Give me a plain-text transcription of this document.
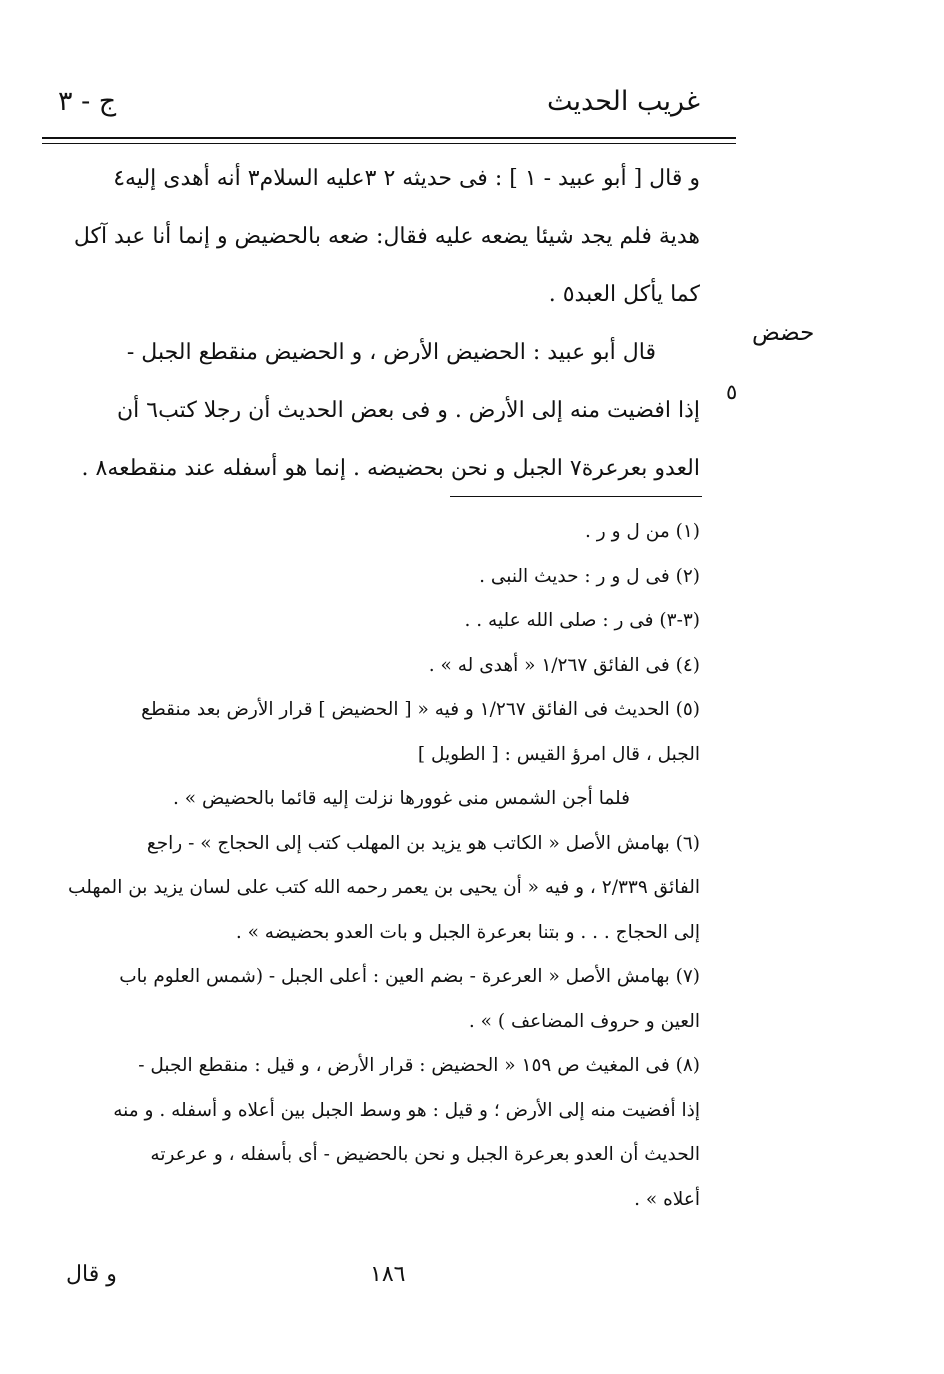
غريب الحديث
ج - ٣
حضض
٥
و قال [ أبو عبيد - ١ ] : فى حديثه ٢ ٣عليه السلام٣ أنه أهدى إليه٤
هدية فلم يجد شيئا يضعه عليه فقال: ضعه بالحضيض و إنما أنا عبد آكل
كما يأكل العبد٥ .
قال أبو عبيد : الحضيض الأرض ، و الحضيض منقطع الجبل -
إذا افضيت منه إلى الأرض . و فى بعض الحديث أن رجلا كتب٦ أن
العدو بعرعرة٧ الجبل و نحن بحضيضه . إنما هو أسفله عند منقطعه٨ .
(١) من ل و ر .
(٢) فى ل و ر : حديث النبى .
(٣-٣) فى ر : صلى الله عليه . .
(٤) فى الفائق ١/٢٦٧ « أهدى له » .
(٥) الحديث فى الفائق ١/٢٦٧ و فيه « [ الحضيض ] قرار الأرض بعد منقطع
الجبل ، قال امرؤ القيس : [ الطويل ]
فلما أجن الشمس منى غوورها نزلت إليه قائما بالحضيض » .
(٦) بهامش الأصل « الكاتب هو يزيد بن المهلب كتب إلى الحجاج » - راجع
الفائق ٢/٣٣٩ ، و فيه « أن يحيى بن يعمر رحمه الله كتب على لسان يزيد بن المهلب
إلى الحجاج . . . و بتنا بعرعرة الجبل و بات العدو بحضيضه » .
(٧) بهامش الأصل « العرعرة - بضم العين : أعلى الجبل - (شمس العلوم باب
العين و حروف المضاعف ) » .
(٨) فى المغيث ص ١٥٩ « الحضيض : قرار الأرض ، و قيل : منقطع الجبل -
إذا أفضيت منه إلى الأرض ؛ و قيل : هو وسط الجبل بين أعلاه و أسفله . و منه
الحديث أن العدو بعرعرة الجبل و نحن بالحضيض - أى بأسفله ، و عرعرته
أعلاه » .
١٨٦
و قال
